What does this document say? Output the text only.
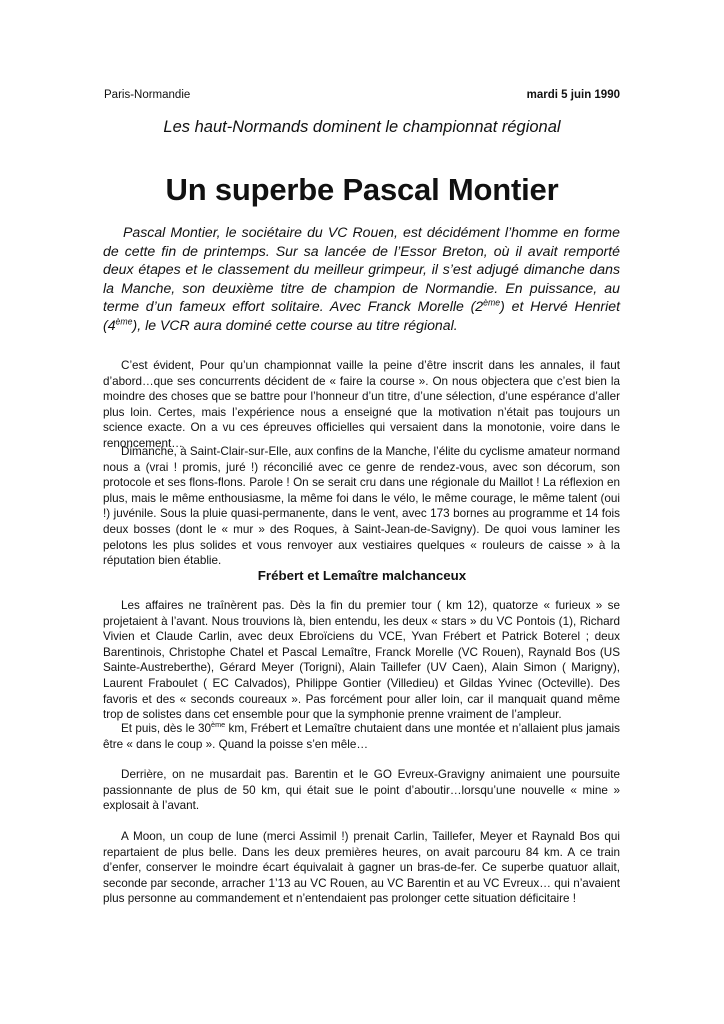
Paris-Normandie	mardi 5 juin 1990
Les haut-Normands dominent le championnat régional
Un superbe Pascal Montier

Pascal Montier, le sociétaire du VC Rouen, est décidément l’homme en forme de cette fin de printemps. Sur sa lancée de l’Essor Breton, où il avait remporté deux étapes et le classement du meilleur grimpeur, il s’est adjugé dimanche dans la Manche, son deuxième titre de champion de Normandie. En puissance, au terme d’un fameux effort solitaire. Avec Franck Morelle (2ème) et Hervé Henriet (4ème), le VCR aura dominé cette course au titre régional.

C’est évident, Pour qu’un championnat vaille la peine d’être inscrit dans les annales, il faut d’abord…que ses concurrents décident de « faire la course ». On nous objectera que c’est bien la moindre des choses que se battre pour l’honneur d’un titre, d’une sélection, d’une espérance d’aller plus loin. Certes, mais l’expérience nous a enseigné que la motivation n’était pas toujours un science exacte. On a vu ces épreuves officielles qui versaient dans la monotonie, voire dans le renoncement…

Dimanche, à Saint-Clair-sur-Elle, aux confins de la Manche, l’élite du cyclisme amateur normand nous a (vrai ! promis, juré !) réconcilié avec ce genre de rendez-vous, avec son décorum, son protocole et ses flons-flons. Parole ! On se serait cru dans une régionale du Maillot ! La réflexion en plus, mais le même enthousiasme, la même foi dans le vélo, le même courage, le même talent (oui !) juvénile. Sous la pluie quasi-permanente, dans le vent, avec 173 bornes au programme et 14 fois deux bosses (dont le « mur » des Roques, à Saint-Jean-de-Savigny). De quoi vous laminer les pelotons les plus solides et vous renvoyer aux vestiaires quelques « rouleurs de caisse » à la réputation bien établie.

Frébert et Lemaître malchanceux

Les affaires ne traînèrent pas. Dès la fin du premier tour ( km 12), quatorze « furieux » se projetaient à l’avant. Nous trouvions là, bien entendu, les deux « stars » du VC Pontois (1), Richard Vivien et Claude Carlin, avec deux Ebroïciens du VCE, Yvan Frébert et Patrick Boterel ; deux Barentinois, Christophe Chatel et Pascal Lemaître, Franck Morelle (VC Rouen), Raynald Bos (US Sainte-Austreberthe), Gérard Meyer (Torigni), Alain Taillefer (UV Caen), Alain Simon ( Marigny), Laurent Fraboulet ( EC Calvados), Philippe Gontier (Villedieu) et Gildas Yvinec (Octeville). Des favoris et des « seconds coureaux ». Pas forcément pour aller loin, car il manquait quand même trop de solistes dans cet ensemble pour que la symphonie prenne vraiment de l’ampleur.

Et puis, dès le 30ème km, Frébert et Lemaître chutaient dans une montée et n’allaient plus jamais être « dans le coup ». Quand la poisse s’en mêle…

Derrière, on ne musardait pas. Barentin et le GO Evreux-Gravigny animaient une poursuite passionnante de plus de 50 km, qui était sue le point d’aboutir…lorsqu’une nouvelle « mine » explosait à l’avant.

A Moon, un coup de lune (merci Assimil !) prenait Carlin, Taillefer, Meyer et Raynald Bos qui repartaient de plus belle. Dans les deux premières heures, on avait parcouru 84 km. A ce train d’enfer, conserver le moindre écart équivalait à gagner un bras-de-fer. Ce superbe quatuor allait, seconde par seconde, arracher 1’13 au VC Rouen, au VC Barentin et au VC Evreux… qui n’avaient plus personne au commandement et n’entendaient pas prolonger cette situation déficitaire !
